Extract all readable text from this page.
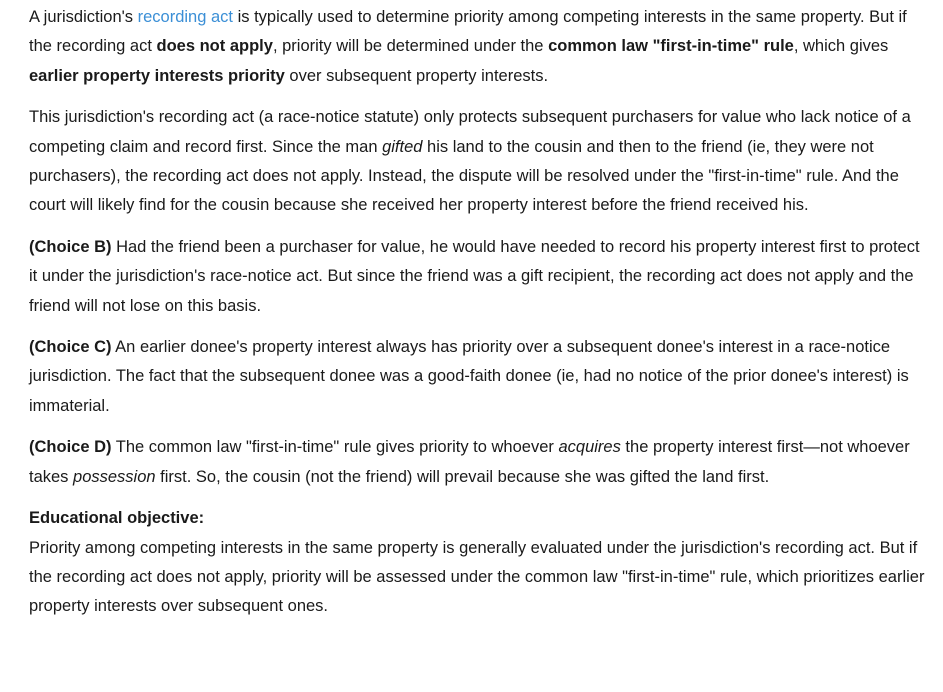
A jurisdiction's recording act is typically used to determine priority among competing interests in the same property. But if the recording act does not apply, priority will be determined under the common law "first-in-time" rule, which gives earlier property interests priority over subsequent property interests.

This jurisdiction's recording act (a race-notice statute) only protects subsequent purchasers for value who lack notice of a competing claim and record first. Since the man gifted his land to the cousin and then to the friend (ie, they were not purchasers), the recording act does not apply. Instead, the dispute will be resolved under the "first-in-time" rule. And the court will likely find for the cousin because she received her property interest before the friend received his.

(Choice B) Had the friend been a purchaser for value, he would have needed to record his property interest first to protect it under the jurisdiction's race-notice act. But since the friend was a gift recipient, the recording act does not apply and the friend will not lose on this basis.

(Choice C) An earlier donee's property interest always has priority over a subsequent donee's interest in a race-notice jurisdiction. The fact that the subsequent donee was a good-faith donee (ie, had no notice of the prior donee's interest) is immaterial.

(Choice D) The common law "first-in-time" rule gives priority to whoever acquires the property interest first—not whoever takes possession first. So, the cousin (not the friend) will prevail because she was gifted the land first.

Educational objective:
Priority among competing interests in the same property is generally evaluated under the jurisdiction's recording act. But if the recording act does not apply, priority will be assessed under the common law "first-in-time" rule, which prioritizes earlier property interests over subsequent ones.
